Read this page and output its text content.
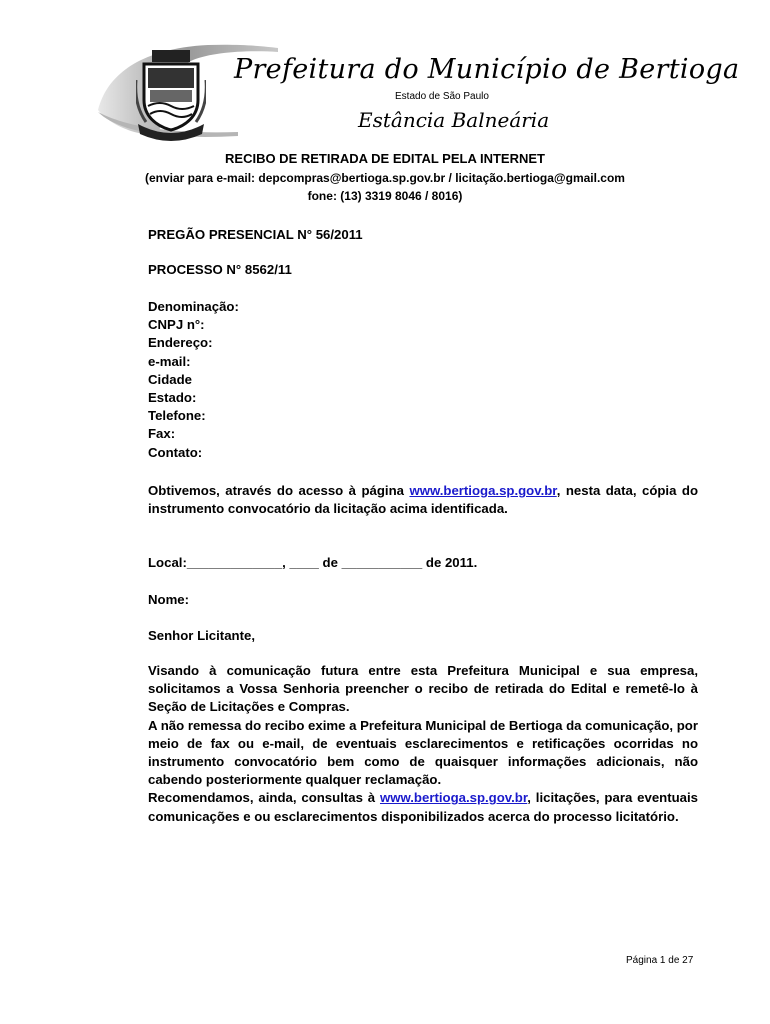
Prefeitura do Município de Bertioga
Estado de São Paulo
Estância Balneária
RECIBO DE RETIRADA DE EDITAL PELA INTERNET
(enviar para e-mail: depcompras@bertioga.sp.gov.br / licitação.bertioga@gmail.com
fone: (13) 3319 8046 / 8016)
PREGÃO PRESENCIAL N° 56/2011
PROCESSO N° 8562/11
Denominação:
CNPJ n°:
Endereço:
e-mail:
Cidade
Estado:
Telefone:
Fax:
Contato:
Obtivemos, através do acesso à página www.bertioga.sp.gov.br, nesta data, cópia do instrumento convocatório da licitação acima identificada.
Local:_____________, ____ de ___________ de 2011.
Nome:
Senhor Licitante,
Visando à comunicação futura entre esta Prefeitura Municipal e sua empresa, solicitamos a Vossa Senhoria preencher o recibo de retirada do Edital e remetê-lo à Seção de Licitações e Compras.
A não remessa do recibo exime a Prefeitura Municipal de Bertioga da comunicação, por meio de fax ou e-mail, de eventuais esclarecimentos e retificações ocorridas no instrumento convocatório bem como de quaisquer informações adicionais, não cabendo posteriormente qualquer reclamação.
Recomendamos, ainda, consultas à www.bertioga.sp.gov.br, licitações, para eventuais comunicações e ou esclarecimentos disponibilizados acerca do processo licitatório.
Página 1 de 27
